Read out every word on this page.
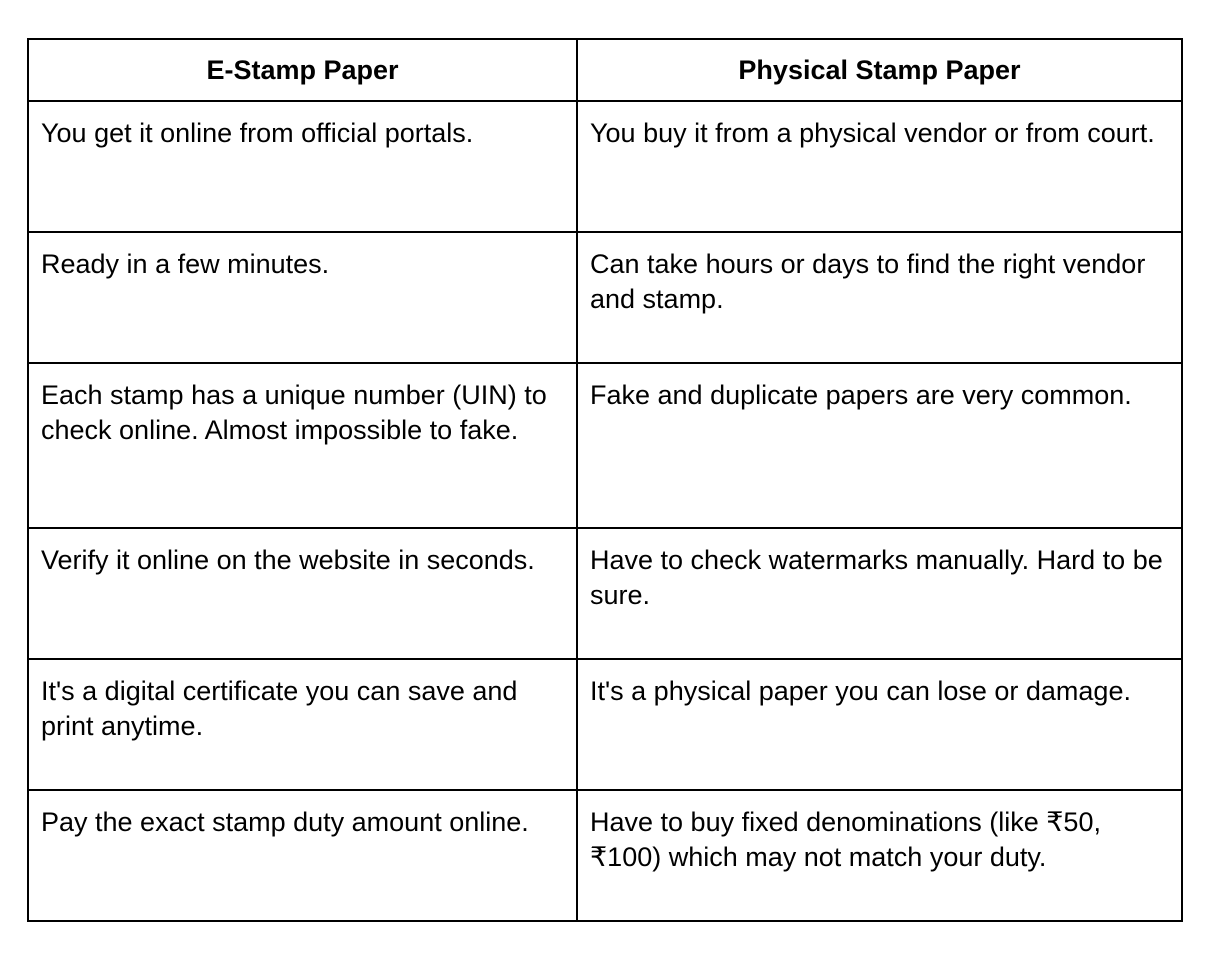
E-Stamp Paper	Physical Stamp Paper
You get it online from official portals.	You buy it from a physical vendor or from court.
Ready in a few minutes.	Can take hours or days to find the right vendor and stamp.
Each stamp has a unique number (UIN) to check online. Almost impossible to fake.	Fake and duplicate papers are very common.
Verify it online on the website in seconds.	Have to check watermarks manually. Hard to be sure.
It's a digital certificate you can save and print anytime.	It's a physical paper you can lose or damage.
Pay the exact stamp duty amount online.	Have to buy fixed denominations (like ₹50, ₹100) which may not match your duty.
